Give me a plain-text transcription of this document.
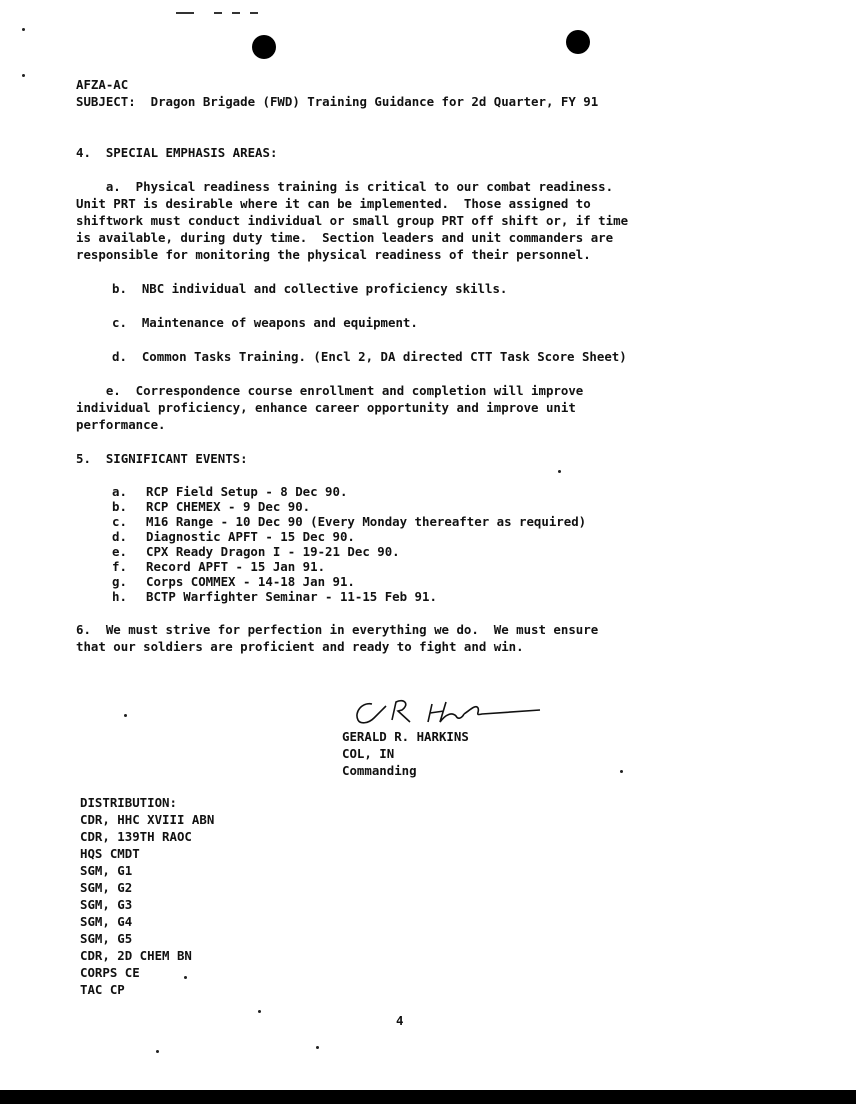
AFZA-AC

SUBJECT: Dragon Brigade (FWD) Training Guidance for 2d Quarter, FY 91

4.  SPECIAL EMPHASIS AREAS:

a.  Physical readiness training is critical to our combat readiness.

Unit PRT is desirable where it can be implemented.  Those assigned to

shiftwork must conduct individual or small group PRT off shift or, if time

is available, during duty time.  Section leaders and unit commanders are

responsible for monitoring the physical readiness of their personnel.

b.  NBC individual and collective proficiency skills.

c.  Maintenance of weapons and equipment.

d.  Common Tasks Training. (Encl 2, DA directed CTT Task Score Sheet)

e.  Correspondence course enrollment and completion will improve

individual proficiency, enhance career opportunity and improve unit

performance.

5.  SIGNIFICANT EVENTS:

a.	RCP Field Setup - 8 Dec 90.
b.	RCP CHEMEX - 9 Dec 90.
c.	M16 Range - 10 Dec 90 (Every Monday thereafter as required)
d.	Diagnostic APFT - 15 Dec 90.
e.	CPX Ready Dragon I - 19-21 Dec 90.
f.	Record APFT - 15 Jan 91.
g.	Corps COMMEX - 14-18 Jan 91.
h.	BCTP Warfighter Seminar - 11-15 Feb 91.

6.  We must strive for perfection in everything we do.  We must ensure

that our soldiers are proficient and ready to fight and win.

GERALD R. HARKINS
COL, IN
Commanding
DISTRIBUTION:
CDR, HHC XVIII ABN
CDR, 139TH RAOC
HQS CMDT
SGM, G1
SGM, G2
SGM, G3
SGM, G4
SGM, G5
CDR, 2D CHEM BN
CORPS CE
TAC CP
4
